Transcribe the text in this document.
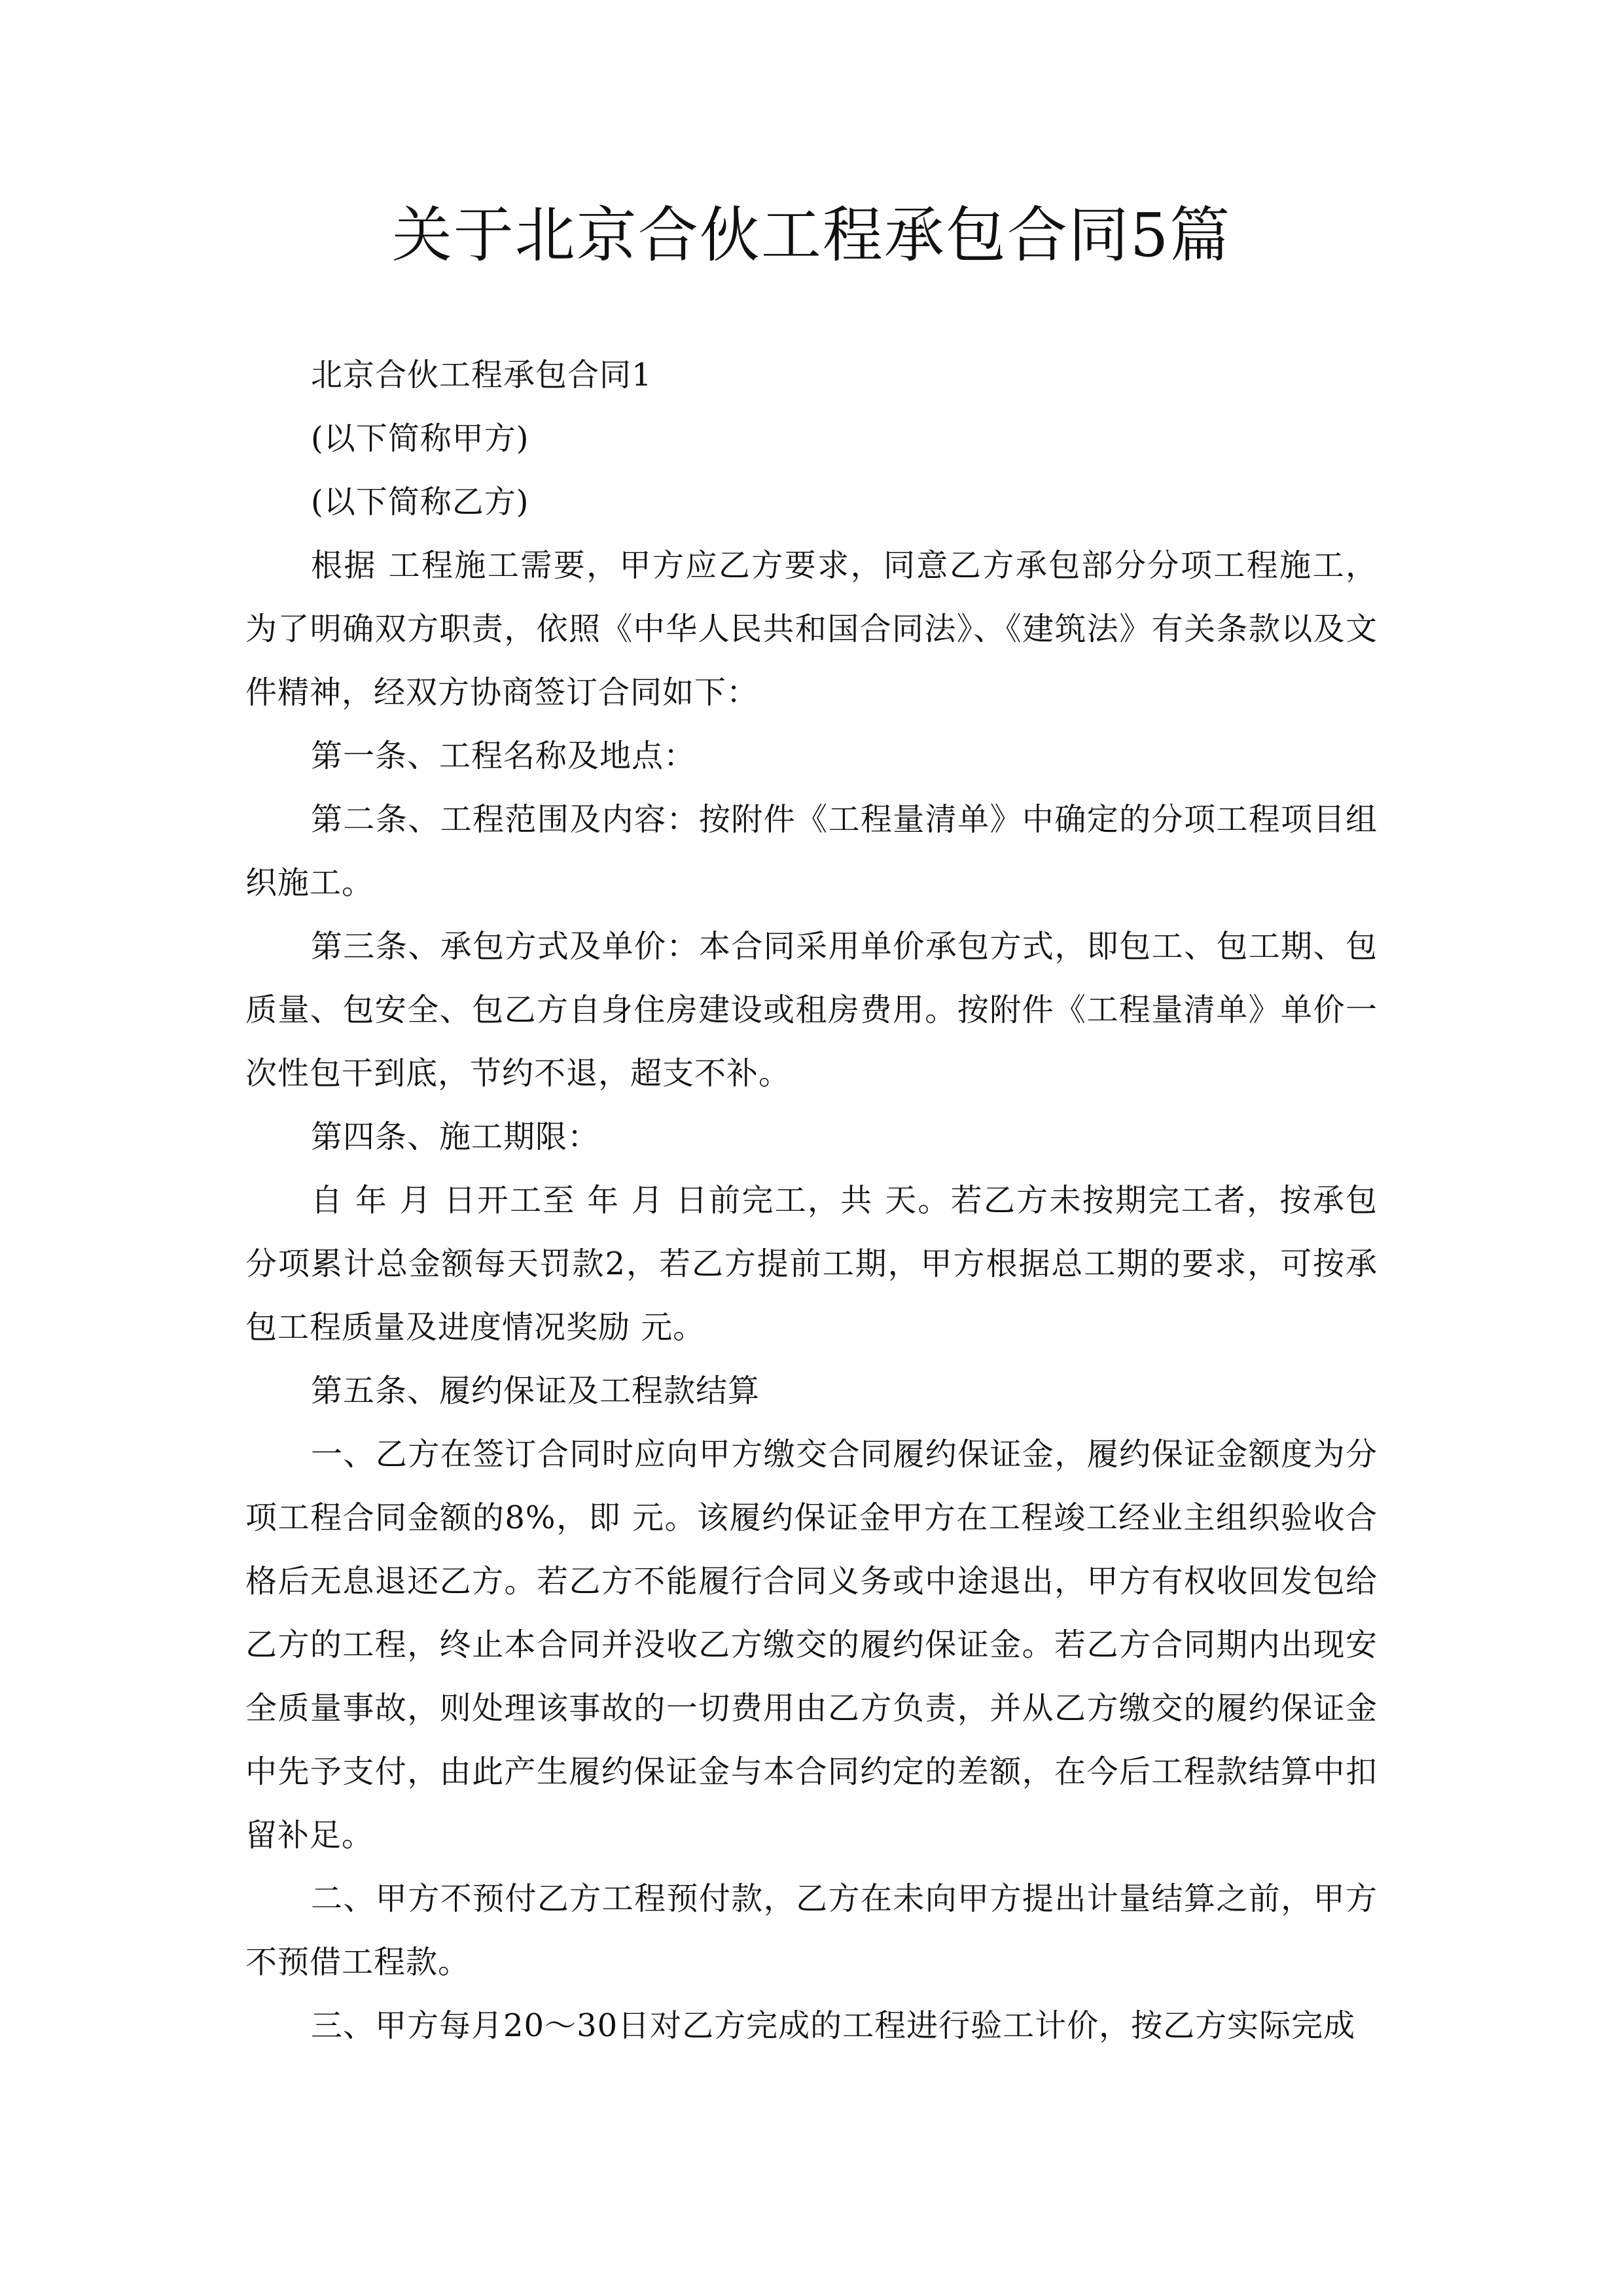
关于北京合伙工程承包合同5篇

北京合伙工程承包合同1

(以下简称甲方)

(以下简称乙方)

根据 工程施工需要，甲方应乙方要求，同意乙方承包部分分项工程施工，为了明确双方职责，依照《中华人民共和国合同法》、《建筑法》有关条款以及文件精神，经双方协商签订合同如下：

第一条、工程名称及地点：

第二条、工程范围及内容：按附件《工程量清单》中确定的分项工程项目组织施工。

第三条、承包方式及单价：本合同采用单价承包方式，即包工、包工期、包质量、包安全、包乙方自身住房建设或租房费用。按附件《工程量清单》单价一次性包干到底，节约不退，超支不补。

第四条、施工期限：

自 年 月 日开工至 年 月 日前完工，共 天。若乙方未按期完工者，按承包分项累计总金额每天罚款2，若乙方提前工期，甲方根据总工期的要求，可按承包工程质量及进度情况奖励 元。

第五条、履约保证及工程款结算

一、乙方在签订合同时应向甲方缴交合同履约保证金，履约保证金额度为分项工程合同金额的8%，即 元。该履约保证金甲方在工程竣工经业主组织验收合格后无息退还乙方。若乙方不能履行合同义务或中途退出，甲方有权收回发包给乙方的工程，终止本合同并没收乙方缴交的履约保证金。若乙方合同期内出现安全质量事故，则处理该事故的一切费用由乙方负责，并从乙方缴交的履约保证金中先予支付，由此产生履约保证金与本合同约定的差额，在今后工程款结算中扣留补足。

二、甲方不预付乙方工程预付款，乙方在未向甲方提出计量结算之前，甲方不预借工程款。

三、甲方每月20～30日对乙方完成的工程进行验工计价，按乙方实际完成
